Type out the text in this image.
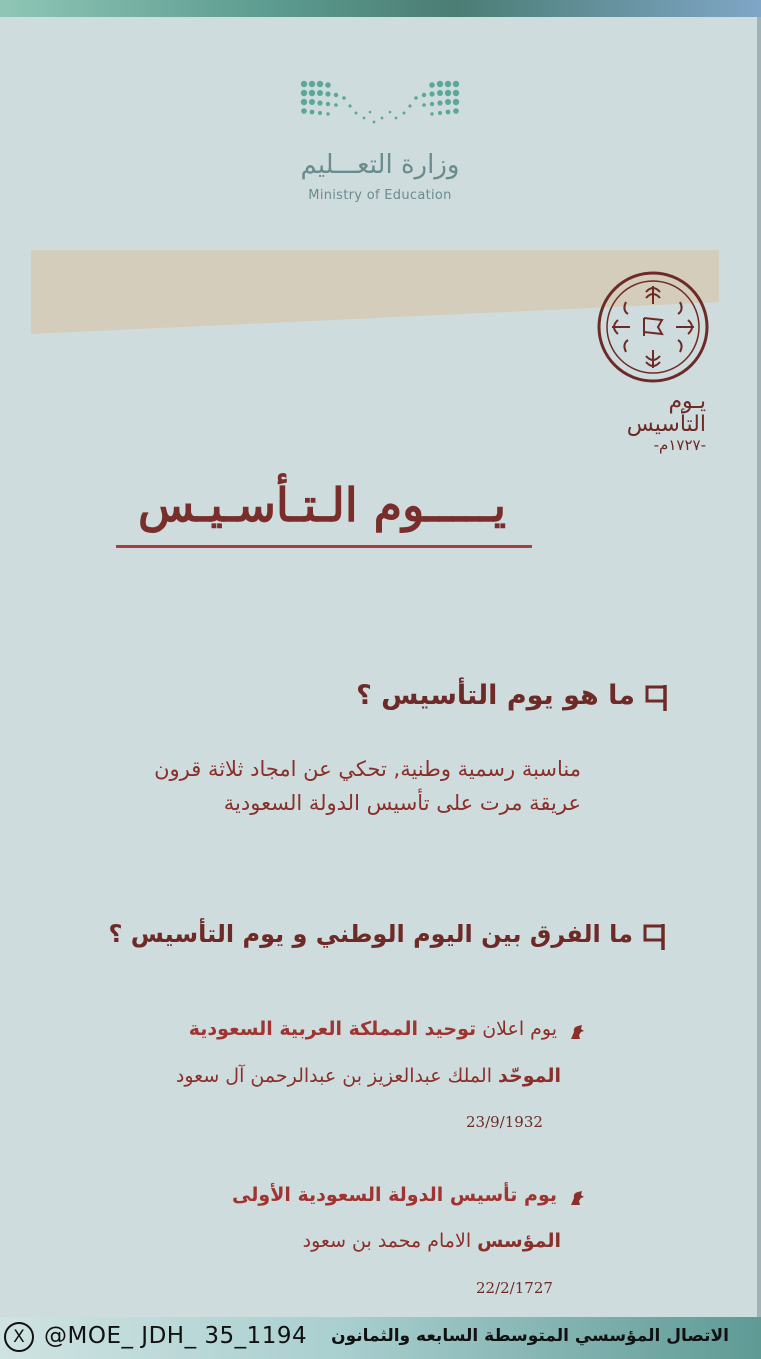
وزارة التعـــليم
Ministry of Education
يـوم
التأسيس
-١٧٢٧م-
يـــــوم الـتـأسـيـس
ما هو يوم التأسيس ؟
مناسبة رسمية وطنية, تحكي عن امجاد ثلاثة قرون
عريقة مرت على تأسيس الدولة السعودية
ما الفرق بين اليوم الوطني و يوم التأسيس ؟
يوم اعلان توحيد المملكة العربية السعودية
الموحّد الملك عبدالعزيز بن عبدالرحمن آل سعود
23/9/1932
يوم تأسيس الدولة السعودية الأولى
المؤسس الامام محمد بن سعود
22/2/1727
X @MOE_ JDH_ 35_1194 الاتصال المؤسسي المتوسطة السابعه والثمانون
